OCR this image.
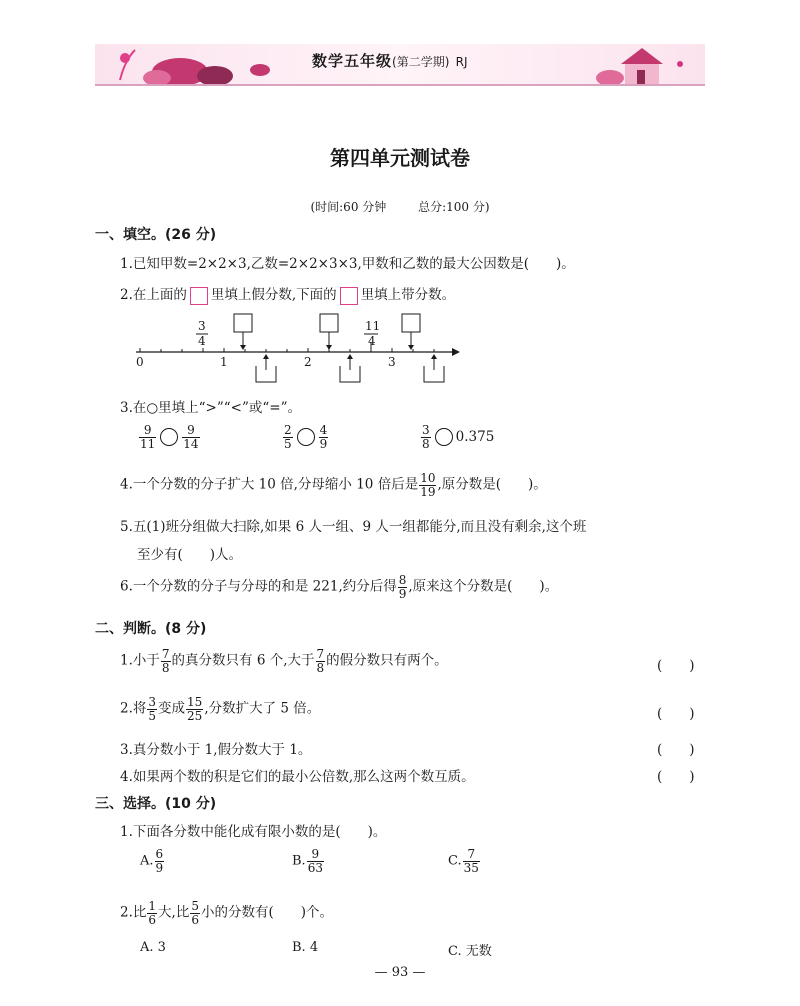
数学五年级(第二学期) RJ
第四单元测试卷
(时间:60 分钟	总分:100 分)
一、填空。(26 分)
1.已知甲数=2×2×3,乙数=2×2×3×3,甲数和乙数的最大公因数是(　　)。
2.在上面的 里填上假分数,下面的 里填上带分数。
0	1	2	3
3
4
11
4
3.在○里填上“>”“<”或“=”。
$\frac{9}{11} \frac{9}{14}$	$\frac{2}{5} \frac{4}{9}$	$\frac{3}{8} 0.375$
4.一个分数的分子扩大 10 倍,分母缩小 10 倍后是 $\frac{10}{19}$ ,原分数是(　　)。
5.五(1)班分组做大扫除,如果 6 人一组、9 人一组都能分,而且没有剩余,这个班
至少有(　　)人。
6.一个分数的分子与分母的和是 221,约分后得 $\frac{8}{9}$ ,原来这个分数是(　　)。
二、判断。(8 分)
1.小于 $\frac{7}{8}$ 的真分数只有 6 个,大于 $\frac{7}{8}$ 的假分数只有两个。	(　　)
2.将 $\frac{3}{5}$ 变成 $\frac{15}{25}$ ,分数扩大了 5 倍。	(　　)
3.真分数小于 1,假分数大于 1。	(　　)
4.如果两个数的积是它们的最小公倍数,那么这两个数互质。	(　　)
三、选择。(10 分)
1.下面各分数中能化成有限小数的是(　　)。
A. $\frac{6}{9}$	B. $\frac{9}{63}$	C. $\frac{7}{35}$
2.比 $\frac{1}{6}$ 大,比 $\frac{5}{6}$ 小的分数有(　　)个。
A. 3	B. 4	C. 无数
— 93 —
